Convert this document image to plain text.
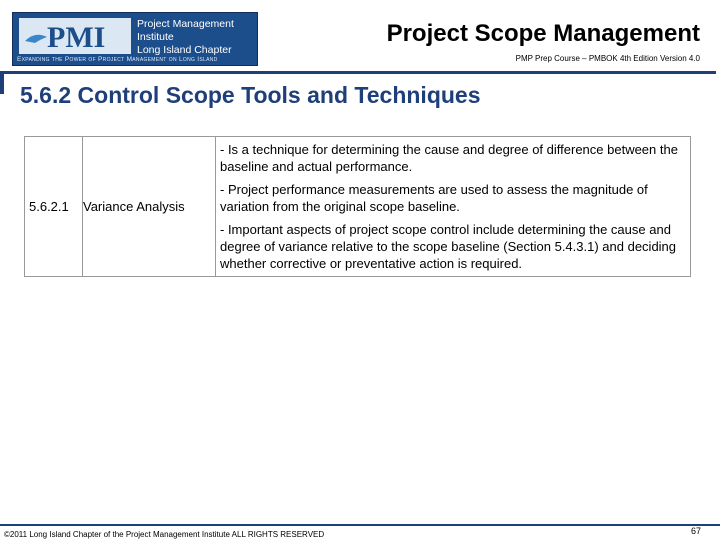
PMI	Project Management Institute
Long Island Chapter
Expanding the Power of Project Management on Long Island
Project Scope Management
PMP Prep Course – PMBOK 4th Edition Version 4.0
5.6.2 Control Scope Tools and Techniques
5.6.2.1	Variance Analysis	

- Is a technique for determining the cause and degree of difference between the baseline and actual performance.

- Project performance measurements are used to assess the magnitude of variation from the original scope baseline.

- Important aspects of project scope control include determining the cause and degree of variance relative to the scope baseline (Section 5.4.3.1) and deciding whether corrective or preventative action is required.

©2011 Long Island Chapter of the Project Management Institute ALL RIGHTS RESERVED	67
